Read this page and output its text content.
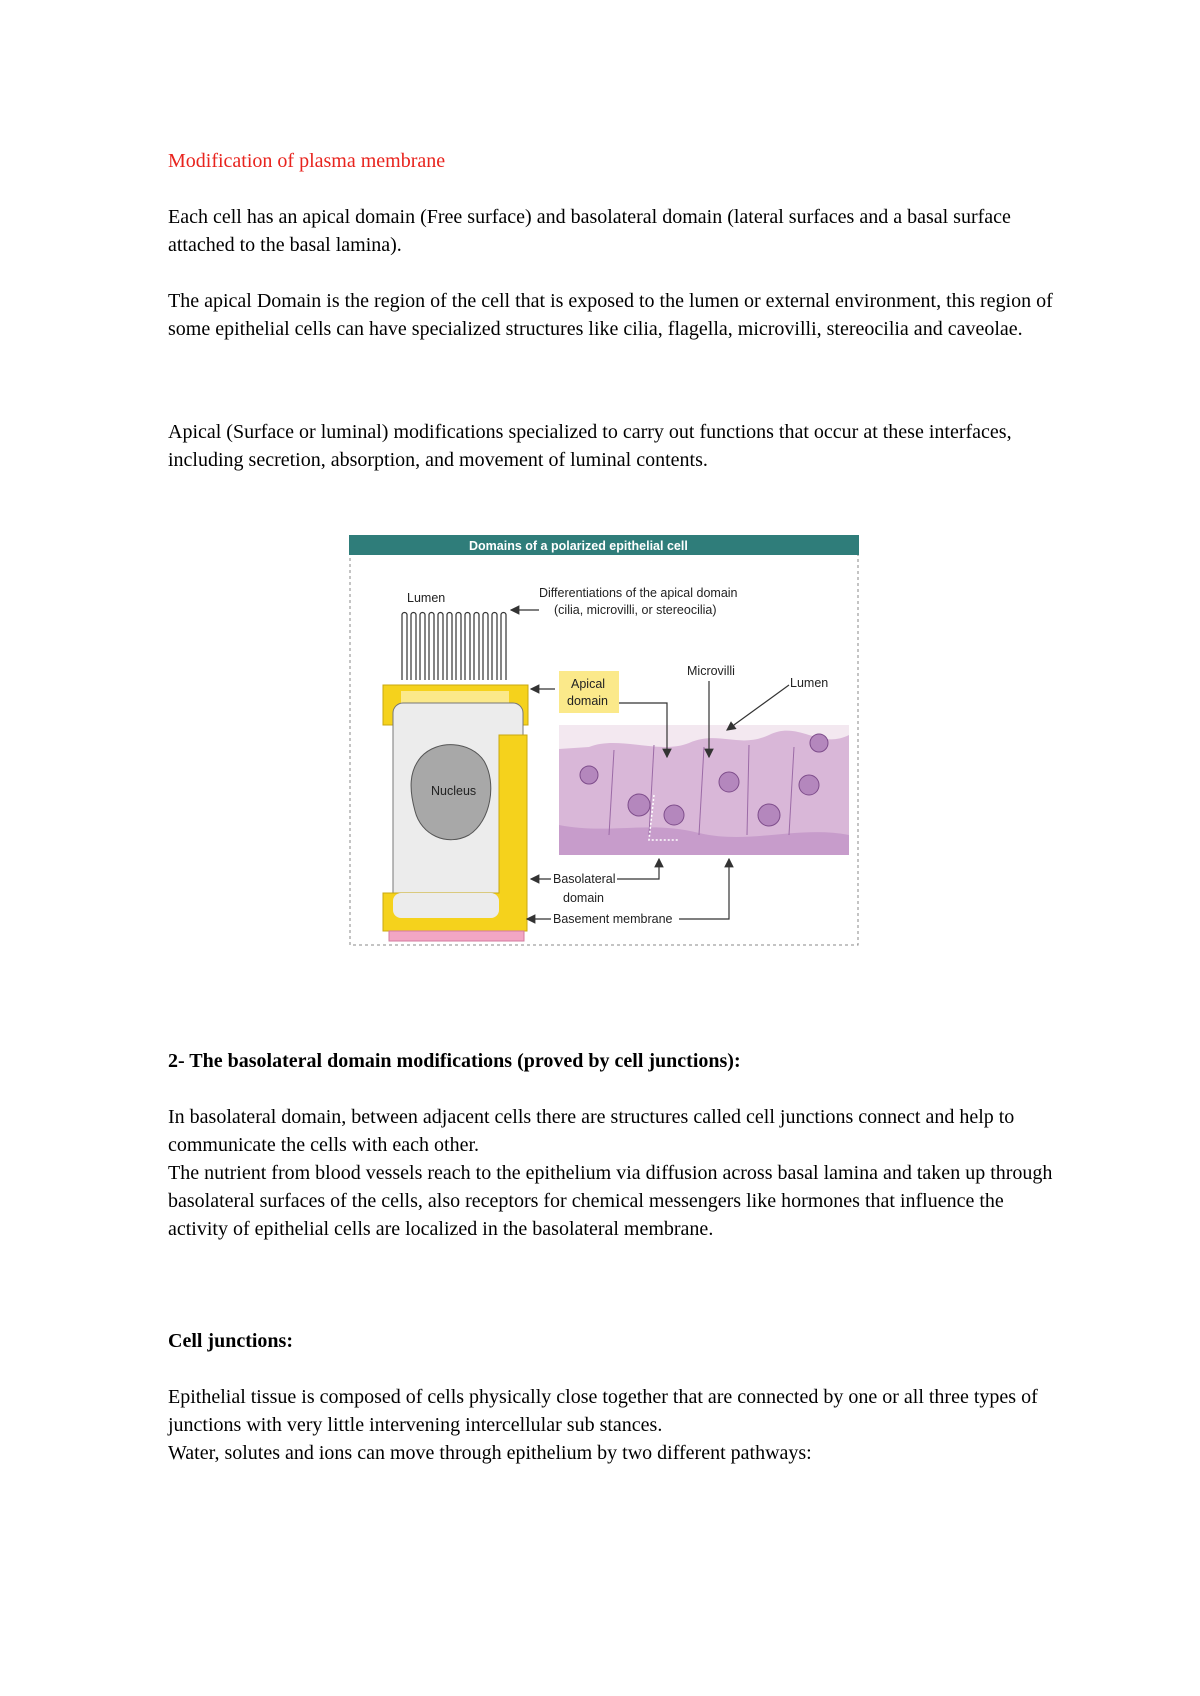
Modification of plasma membrane

Each cell has an apical domain (Free surface) and basolateral domain (lateral surfaces and a basal surface attached to the basal lamina).

The apical Domain is the region of the cell that is exposed to the lumen or external environment, this region of some epithelial cells can have specialized structures like cilia, flagella, microvilli, stereocilia and caveolae.

Apical (Surface or luminal) modifications specialized to carry out functions that occur at these interfaces, including secretion, absorption, and movement of luminal contents.

Domains of a polarized epithelial cell
Nucleus
Lumen	Differentiations of the apical domain
(cilia, microvilli, or stereocilia)
Microvilli
Lumen
Apical
domain
Basolateral
domain
Basement membrane

2- The basolateral domain modifications (proved by cell junctions):

In basolateral domain, between adjacent cells there are structures called cell junctions connect and help to communicate the cells with each other.

The nutrient from blood vessels reach to the epithelium via diffusion across basal lamina and taken up through basolateral surfaces of the cells, also receptors for chemical messengers like hormones that influence the activity of epithelial cells are localized in the basolateral membrane.

Cell junctions:

Epithelial tissue is composed of cells physically close together that are connected by one or all three types of junctions with very little intervening intercellular sub stances.

Water, solutes and ions can move through epithelium by two different pathways:
